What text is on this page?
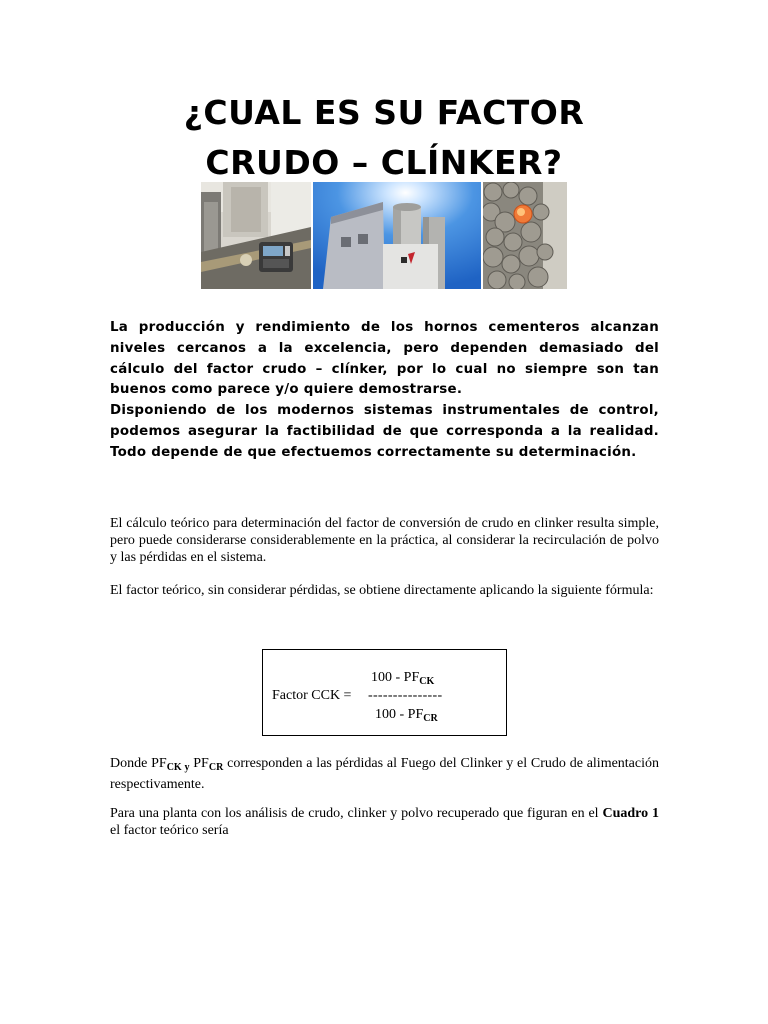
¿CUAL ES SU FACTOR
CRUDO – CLÍNKER?

La producción y rendimiento de los hornos cementeros alcanzan niveles cercanos a la excelencia, pero dependen demasiado del cálculo del factor crudo – clínker, por lo cual no siempre son tan buenos como parece y/o quiere demostrarse.

Disponiendo de los modernos sistemas instrumentales de control, podemos asegurar la factibilidad de que corresponda a la realidad. Todo depende de que efectuemos correctamente su determinación.

El cálculo teórico para determinación del factor de conversión de crudo en clinker resulta simple, pero puede considerarse considerablemente en la práctica, al considerar la recirculación de polvo y las pérdidas en el sistema.

El factor teórico, sin considerar pérdidas, se obtiene directamente aplicando la siguiente fórmula:

$100 - PF_{CK}$
Factor CCK = ---------------
$100 - PF_{CR}$

Donde $PF_{CK y}$ $PF_{CR}$ corresponden a las pérdidas al Fuego del Clinker y el Crudo de alimentación respectivamente.

Para una planta con los análisis de crudo, clinker y polvo recuperado que figuran en el Cuadro 1 el factor teórico sería
